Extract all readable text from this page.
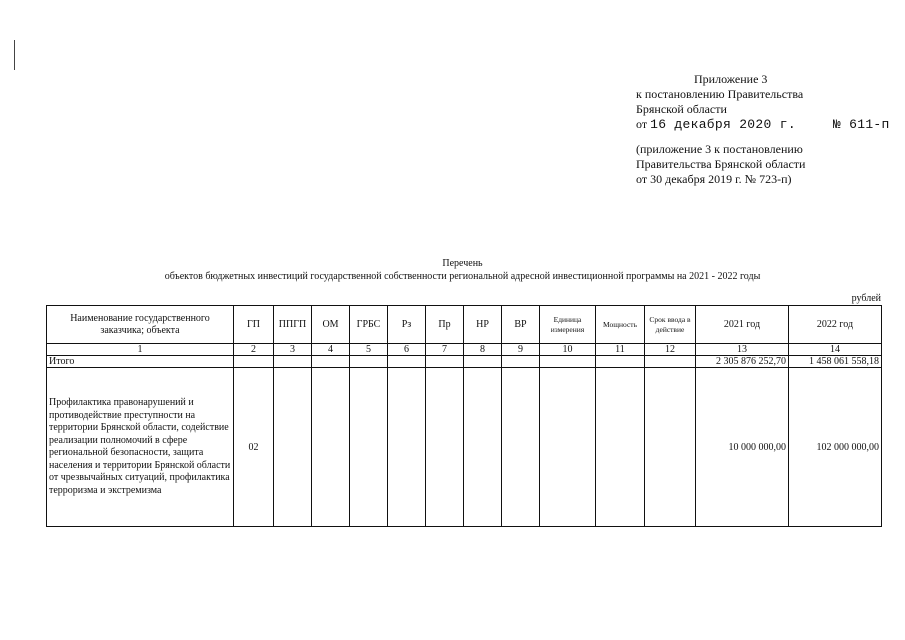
Приложение 3
к постановлению Правительства
Брянской области
от 16 декабря 2020 г.	№ 611-п
(приложение 3 к постановлению
Правительства Брянской области
от 30 декабря 2019 г. № 723-п)
Перечень
объектов бюджетных инвестиций государственной собственности региональной адресной инвестиционной программы на 2021 - 2022 годы
рублей
Наименование государственного заказчика; объекта	ГП	ППГП	ОМ	ГРБС	Рз	Пр	НР	ВР	Единица измерения	Мощность	Срок ввода в действие	2021 год	2022 год
1	2	3	4	5	6	7	8	9	10	11	12	13	14
Итого												2 305 876 252,70	1 458 061 558,18
Профилактика правонарушений и противодействие преступности на территории Брянской области, содействие реализации полномочий в сфере региональной безопасности, защита населения и территории Брянской области от чрезвычайных ситуаций, профилактика терроризма и экстремизма	02											10 000 000,00	102 000 000,00
